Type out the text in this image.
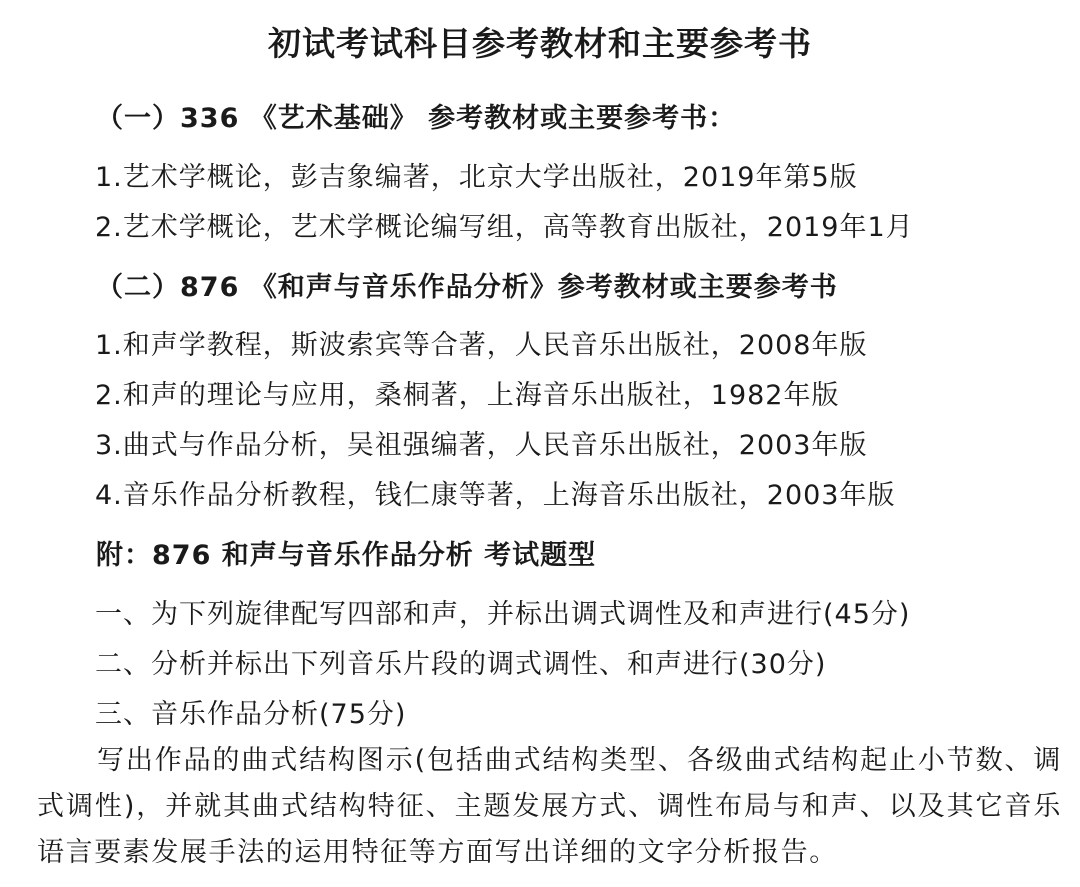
初试考试科目参考教材和主要参考书
（一）336 《艺术基础》 参考教材或主要参考书：
1.艺术学概论，彭吉象编著，北京大学出版社，2019年第5版
2.艺术学概论，艺术学概论编写组，高等教育出版社，2019年1月
（二）876 《和声与音乐作品分析》参考教材或主要参考书
1.和声学教程，斯波索宾等合著，人民音乐出版社，2008年版
2.和声的理论与应用，桑桐著，上海音乐出版社，1982年版
3.曲式与作品分析，吴祖强编著，人民音乐出版社，2003年版
4.音乐作品分析教程，钱仁康等著，上海音乐出版社，2003年版
附：876 和声与音乐作品分析 考试题型
一、为下列旋律配写四部和声，并标出调式调性及和声进行(45分)
二、分析并标出下列音乐片段的调式调性、和声进行(30分)
三、音乐作品分析(75分)
写出作品的曲式结构图示(包括曲式结构类型、各级曲式结构起止小节数、调式调性)，并就其曲式结构特征、主题发展方式、调性布局与和声、以及其它音乐语言要素发展手法的运用特征等方面写出详细的文字分析报告。
